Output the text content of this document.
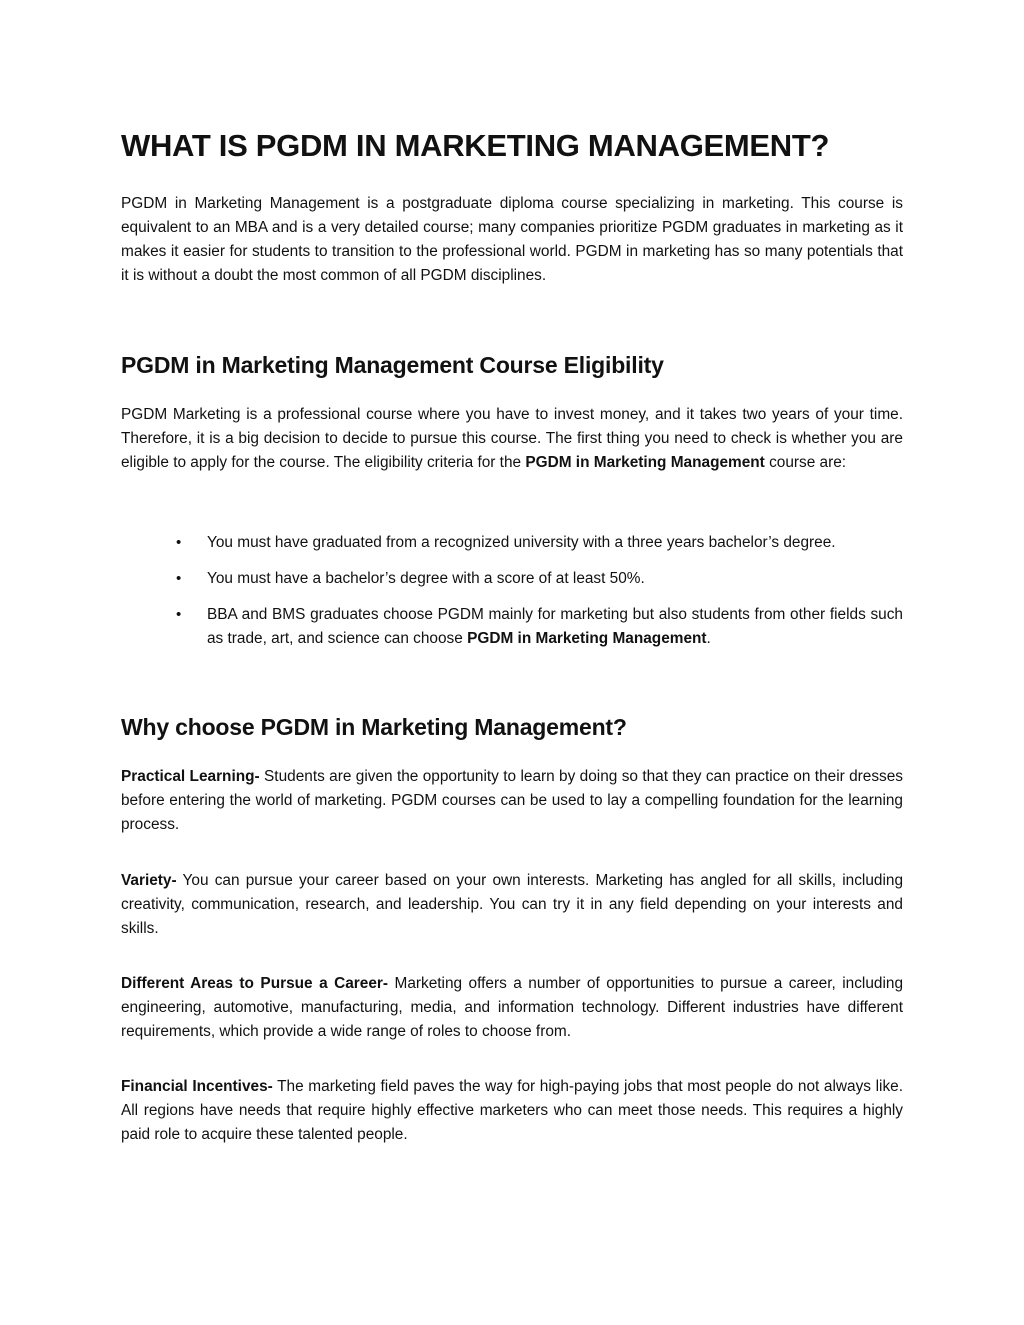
WHAT IS PGDM IN MARKETING MANAGEMENT?

PGDM in Marketing Management is a postgraduate diploma course specializing in marketing. This course is equivalent to an MBA and is a very detailed course; many companies prioritize PGDM graduates in marketing as it makes it easier for students to transition to the professional world. PGDM in marketing has so many potentials that it is without a doubt the most common of all PGDM disciplines.

PGDM in Marketing Management Course Eligibility

PGDM Marketing is a professional course where you have to invest money, and it takes two years of your time. Therefore, it is a big decision to decide to pursue this course. The first thing you need to check is whether you are eligible to apply for the course. The eligibility criteria for the PGDM in Marketing Management course are:

• You must have graduated from a recognized university with a three years bachelor’s degree.
• You must have a bachelor’s degree with a score of at least 50%.
• BBA and BMS graduates choose PGDM mainly for marketing but also students from other fields such as trade, art, and science can choose PGDM in Marketing Management.
Why choose PGDM in Marketing Management?

Practical Learning- Students are given the opportunity to learn by doing so that they can practice on their dresses before entering the world of marketing. PGDM courses can be used to lay a compelling foundation for the learning process.

Variety- You can pursue your career based on your own interests. Marketing has angled for all skills, including creativity, communication, research, and leadership. You can try it in any field depending on your interests and skills.

Different Areas to Pursue a Career- Marketing offers a number of opportunities to pursue a career, including engineering, automotive, manufacturing, media, and information technology. Different industries have different requirements, which provide a wide range of roles to choose from.

Financial Incentives- The marketing field paves the way for high-paying jobs that most people do not always like. All regions have needs that require highly effective marketers who can meet those needs. This requires a highly paid role to acquire these talented people.
